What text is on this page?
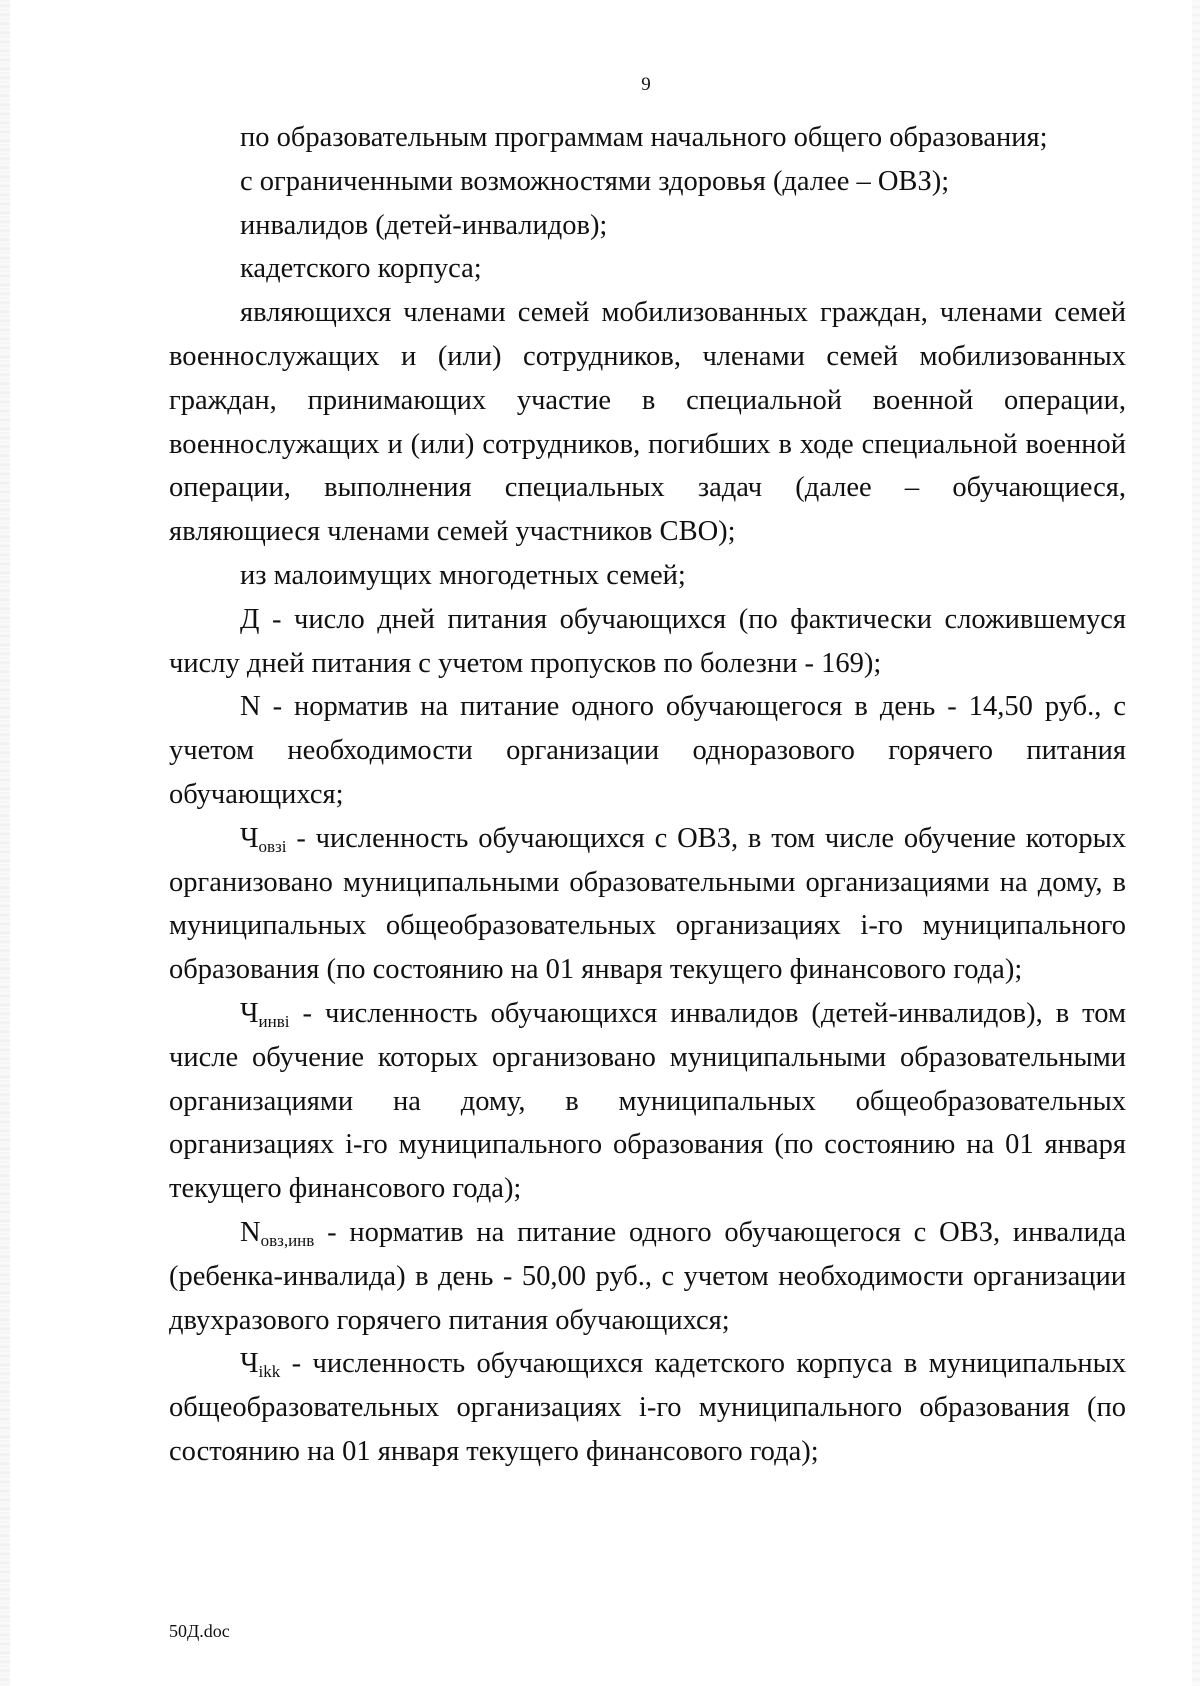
9

по образовательным программам начального общего образования;

с ограниченными возможностями здоровья (далее – ОВЗ);

инвалидов (детей-инвалидов);

кадетского корпуса;

являющихся членами семей мобилизованных граждан, членами семей военнослужащих и (или) сотрудников, членами семей мобилизованных граждан, принимающих участие в специальной военной операции, военнослужащих и (или) сотрудников, погибших в ходе специальной военной операции, выполнения специальных задач (далее – обучающиеся, являющиеся членами семей участников СВО);

из малоимущих многодетных семей;

Д - число дней питания обучающихся (по фактически сложившемуся числу дней питания с учетом пропусков по болезни - 169);

N - норматив на питание одного обучающегося в день - 14,50 руб., с учетом необходимости организации одноразового горячего питания обучающихся;

$Ч_{овзi}$ - численность обучающихся с ОВЗ, в том числе обучение которых организовано муниципальными образовательными организациями на дому, в муниципальных общеобразовательных организациях i-го муниципального образования (по состоянию на 01 января текущего финансового года);

$Ч_{инвi}$ - численность обучающихся инвалидов (детей-инвалидов), в том числе обучение которых организовано муниципальными образовательными организациями на дому, в муниципальных общеобразовательных организациях i-го муниципального образования (по состоянию на 01 января текущего финансового года);

$N_{овз,инв}$ - норматив на питание одного обучающегося с ОВЗ, инвалида (ребенка-инвалида) в день - 50,00 руб., с учетом необходимости организации двухразового горячего питания обучающихся;

$Ч_{ikk}$ - численность обучающихся кадетского корпуса в муниципальных общеобразовательных организациях i-го муниципального образования (по состоянию на 01 января текущего финансового года);

50Д.doc
